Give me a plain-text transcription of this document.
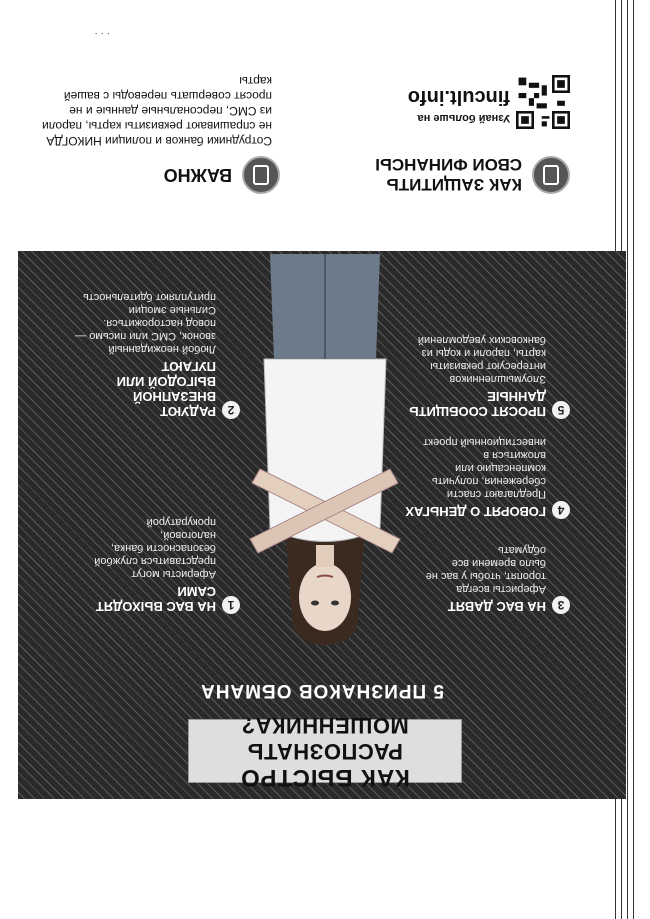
КАК БЫСТРО
РАСПОЗНАТЬ МОШЕННИКА?
5 ПРИЗНАКОВ ОБМАНА
1
НА ВАС ВЫХОДЯТ САМИ
Аферисты могут представиться службой безопасности банка, налоговой, прокуратурой
2
РАДУЮТ ВНЕЗАПНОЙ ВЫГОДОЙ ИЛИ ПУГАЮТ
Любой неожиданный звонок, СМС или письмо — повод насторожиться. Сильные эмоции притупляют бдительность
3
НА ВАС ДАВЯТ
Аферисты всегда торопят, чтобы у вас не было времени все обдумать
4
ГОВОРЯТ О ДЕНЬГАХ
Предлагают спасти сбережения, получить компенсацию или вложиться в инвестиционный проект
5
ПРОСЯТ СООБЩИТЬ ДАННЫЕ
Злоумышленников интересуют реквизиты карты, пароли и коды из банковских уведомлений
КАК ЗАЩИТИТЬ
СВОИ ФИНАНСЫ
Узнай больше на
fincult.info
ВАЖНО
Сотрудники банков и полиции НИКОГДА не спрашивают реквизиты карты, пароли из СМС, персональные данные и не просят совершать переводы с вашей карты
· · ·
